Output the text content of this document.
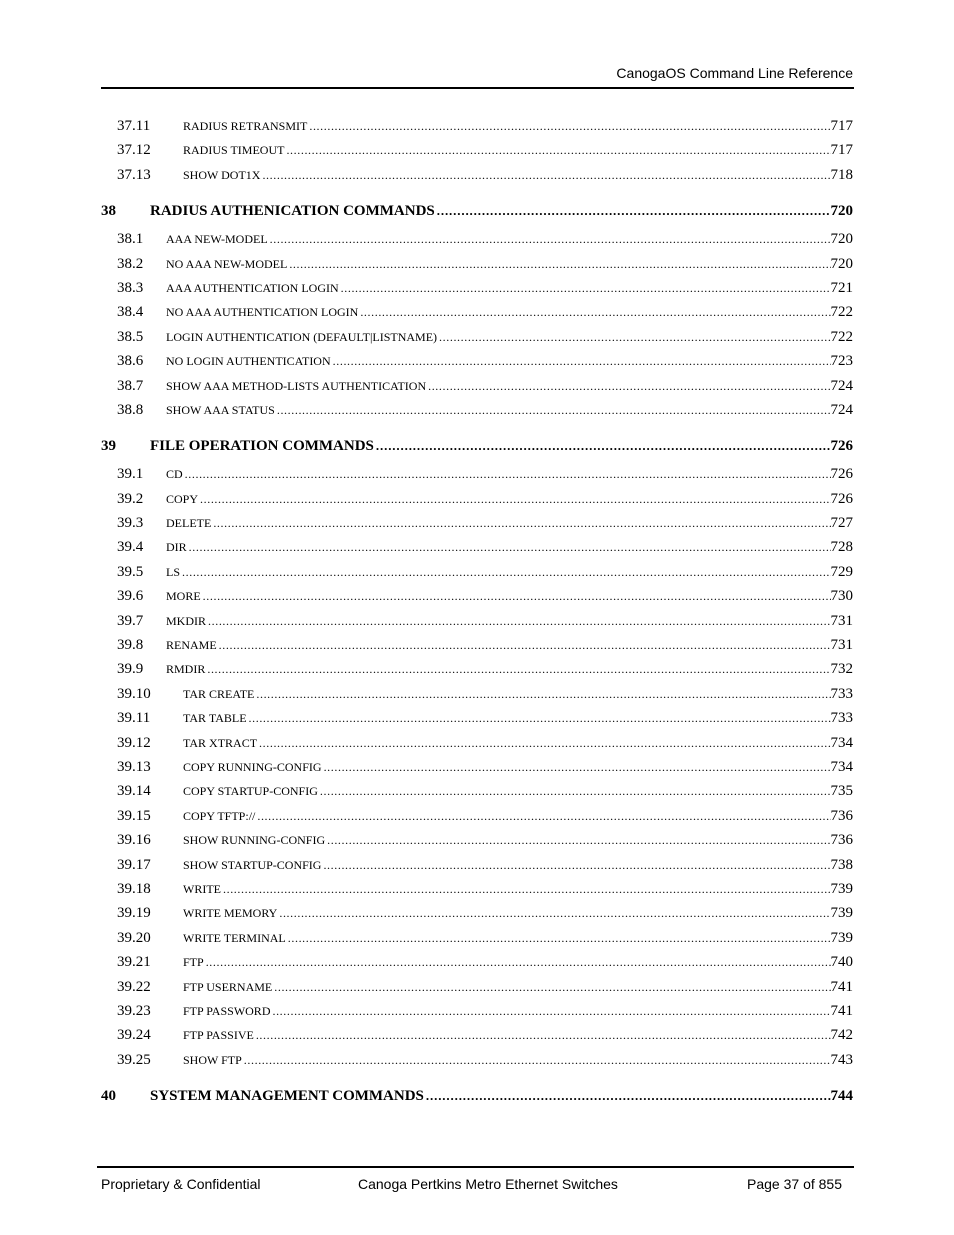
CanogaOS Command Line Reference
37.11	RADIUS RETRANSMIT . . .	717
37.12	RADIUS TIMEOUT . . .	717
37.13	SHOW DOT1X . . .	718
38	RADIUS AUTHENICATION COMMANDS . . .	720
38.1	AAA NEW-MODEL . . .	720
38.2	NO AAA NEW-MODEL . . .	720
38.3	AAA AUTHENTICATION LOGIN . . .	721
38.4	NO AAA AUTHENTICATION LOGIN . . .	722
38.5	LOGIN AUTHENTICATION (DEFAULT|LISTNAME) . . .	722
38.6	NO LOGIN AUTHENTICATION . . .	723
38.7	SHOW AAA METHOD-LISTS AUTHENTICATION . . .	724
38.8	SHOW AAA STATUS . . .	724
39	FILE OPERATION COMMANDS . . .	726
39.1	CD . . .	726
39.2	COPY . . .	726
39.3	DELETE . . .	727
39.4	DIR . . .	728
39.5	LS . . .	729
39.6	MORE . . .	730
39.7	MKDIR . . .	731
39.8	RENAME . . .	731
39.9	RMDIR . . .	732
39.10	TAR CREATE . . .	733
39.11	TAR TABLE . . .	733
39.12	TAR XTRACT . . .	734
39.13	COPY RUNNING-CONFIG . . .	734
39.14	COPY STARTUP-CONFIG . . .	735
39.15	COPY TFTP:// . . .	736
39.16	SHOW RUNNING-CONFIG . . .	736
39.17	SHOW STARTUP-CONFIG . . .	738
39.18	WRITE . . .	739
39.19	WRITE MEMORY . . .	739
39.20	WRITE TERMINAL . . .	739
39.21	FTP . . .	740
39.22	FTP USERNAME . . .	741
39.23	FTP PASSWORD . . .	741
39.24	FTP PASSIVE . . .	742
39.25	SHOW FTP . . .	743
40	SYSTEM MANAGEMENT COMMANDS . . .	744
Proprietary & Confidential	Canoga Pertkins Metro Ethernet Switches	Page 37 of 855
